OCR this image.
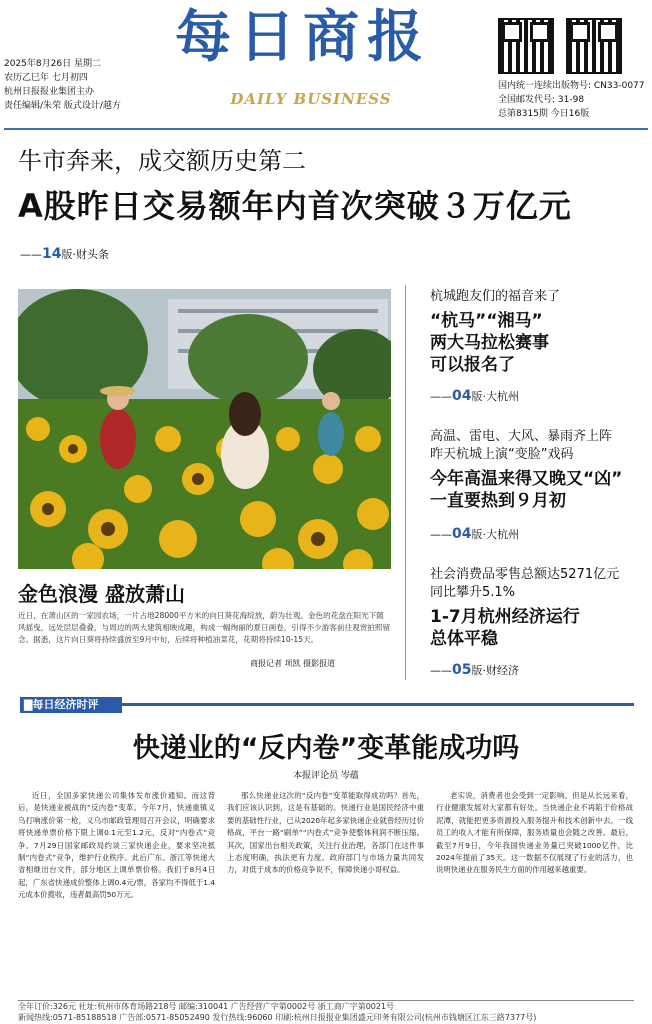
2025年8月26日 星期二
农历乙巳年 七月初四
杭州日报报业集团主办
责任编辑/朱荣 版式设计/越方
每日商报
DAILY BUSINESS
国内统一连续出版物号: CN33-0077
全国邮发代号: 31-98
总第8315期 今日16版
牛市奔来，成交额历史第二
A股昨日交易额年内首次突破３万亿元
——14版·财头条
金色浪漫 盛放萧山
近日，在萧山区的一家园农场，一片占地28000平方米的向日葵花海绽放，蔚为壮观。金色的花盘在阳光下随风摇曳，远处层层叠叠，与周边的两大建筑相映成趣，构成一幅绚丽的夏日画卷，引得不少游客前往观赏拍照留念。据悉，这片向日葵将持续盛放至9月中旬，后续将种植油菜花，花期将持续10-15天。
商报记者 项凯 摄影报道
杭城跑友们的福音来了
“杭马”“湘马”
两大马拉松赛事
可以报名了
——04版·大杭州
高温、雷电、大风、暴雨齐上阵
昨天杭城上演“变脸”戏码
今年高温来得又晚又“凶”
一直要热到９月初
——04版·大杭州
社会消费品零售总额达5271亿元
同比攀升5.1%
1-7月杭州经济运行
总体平稳
——05版·财经济
▇每日经济时评
快递业的“反内卷”变革能成功吗
本报评论员 岑蕴
近日，全国多家快递公司集体发布涨价通知。而这背后，是快递业被战的“反内卷”变革。今年7月，快递重镇义乌打响涨价第一枪，义乌市邮政管理局召开会议，明确要求将快递单票价格下限上调0.1元至1.2元，反对“内卷式”竞争。7月29日国家邮政局约谈三家快递企业，要求坚决抵制“内卷式”竞争，维护行业秩序。此后广东、浙江等快递大省相继出台文件，部分地区上调单票价格。我们于8月4日起，广东省快递成价整体上调0.4元/票，各家均不得低于1.4元成本价揽收，违者最高罚50万元。
那么快递业这次的“反内卷”变革能取得成功吗？首先，我们应该认识到，这是有基础的。快递行业是国民经济中重要的基础性行业，已从2020年起多家快递企业就曾经历过价格战，平台一路“刷单”“内卷式”竞争使整体利润不断压缩。其次，国家出台相关政策，关注行业治理，各部门在这件事上态度明确，执法更有力度。政府部门与市场力量共同发力，对低于成本的价格竞争说不，保障快递小哥权益。
老实说，消费者也会受到一定影响。但是从长远来看，行业健康发展对大家都有好处。当快递企业不再陷于价格战泥潭，就能把更多资源投入服务提升和技术创新中去。一线员工的收入才能有所保障，服务质量也会随之改善。最后，截至7月9日，今年我国快递业务量已突破1000亿件，比2024年提前了35天。这一数据不仅展现了行业的活力，也说明快递业在服务民生方面的作用越来越重要。
全年订价:326元 社址:杭州市体育场路218号 邮编:310041 广告经营广字第0002号 浙工商广字第0021号
新闻热线:0571-85188518 广告部:0571-85052490 发行热线:96060 印刷:杭州日报报业集团盛元印务有限公司(杭州市钱塘区江东三路7377号)
